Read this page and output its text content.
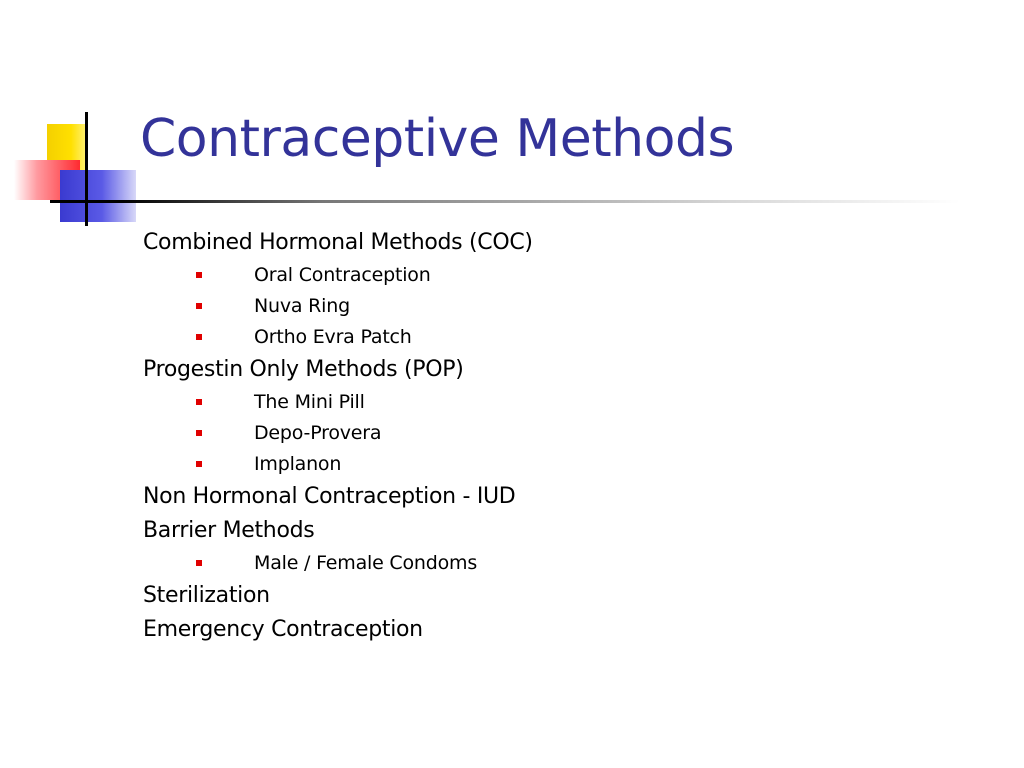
Contraceptive Methods
Combined Hormonal Methods (COC)
Oral Contraception
Nuva Ring
Ortho Evra Patch
Progestin Only Methods (POP)
The Mini Pill
Depo-Provera
Implanon
Non Hormonal Contraception - IUD
Barrier Methods
Male / Female Condoms
Sterilization
Emergency Contraception
